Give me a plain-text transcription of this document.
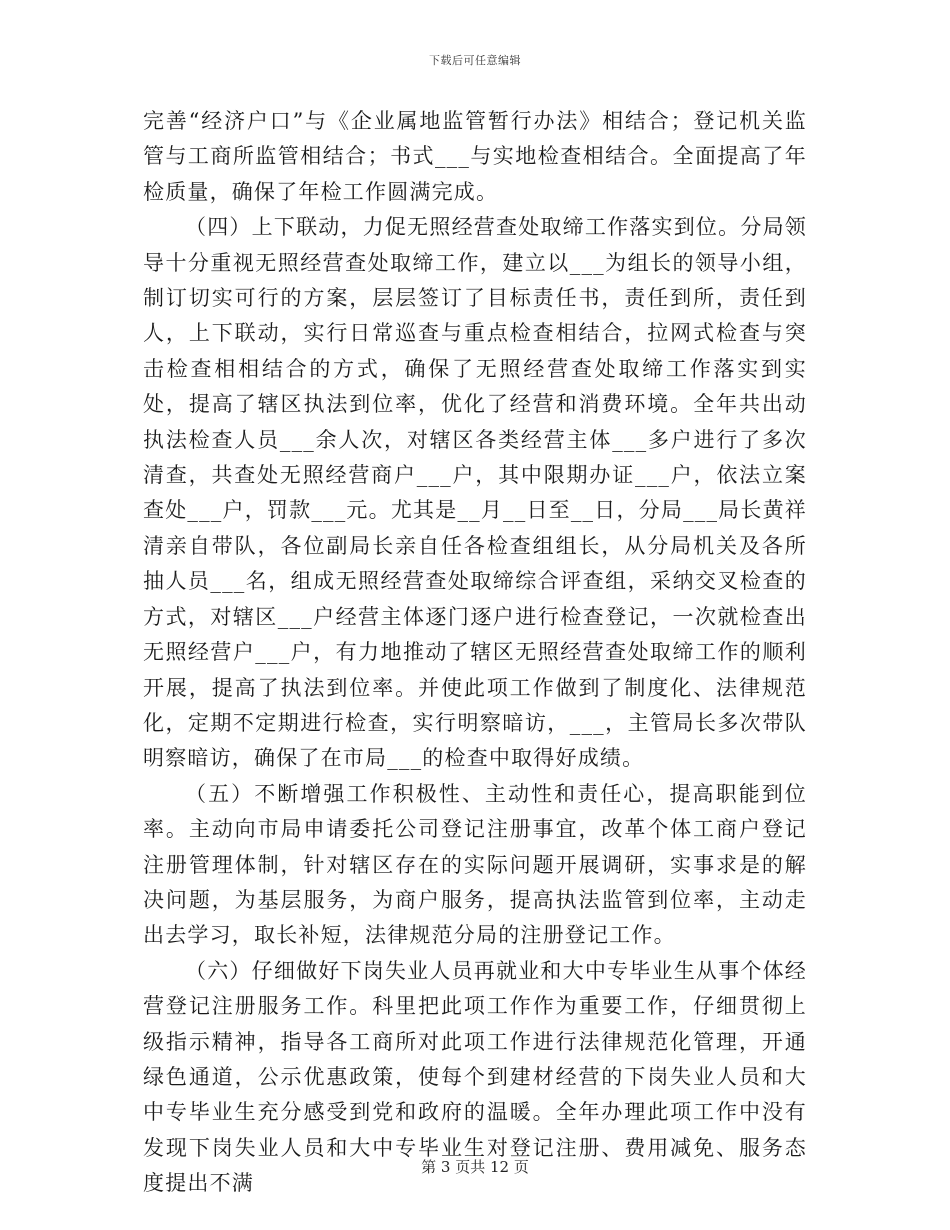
下载后可任意编辑

完善“经济户口”与《企业属地监管暂行办法》相结合；登记机关监管与工商所监管相结合；书式___与实地检查相结合。全面提高了年检质量，确保了年检工作圆满完成。

（四）上下联动，力促无照经营查处取缔工作落实到位。分局领导十分重视无照经营查处取缔工作，建立以___为组长的领导小组，制订切实可行的方案，层层签订了目标责任书，责任到所，责任到人，上下联动，实行日常巡查与重点检查相结合，拉网式检查与突击检查相相结合的方式，确保了无照经营查处取缔工作落实到实处，提高了辖区执法到位率，优化了经营和消费环境。全年共出动执法检查人员___余人次，对辖区各类经营主体___多户进行了多次清查，共查处无照经营商户___户，其中限期办证___户，依法立案查处___户，罚款___元。尤其是__月__日至__日，分局___局长黄祥清亲自带队，各位副局长亲自任各检查组组长，从分局机关及各所抽人员___名，组成无照经营查处取缔综合评查组，采纳交叉检查的方式，对辖区___户经营主体逐门逐户进行检查登记，一次就检查出无照经营户___户，有力地推动了辖区无照经营查处取缔工作的顺利开展，提高了执法到位率。并使此项工作做到了制度化、法律规范化，定期不定期进行检查，实行明察暗访，___，主管局长多次带队明察暗访，确保了在市局___的检查中取得好成绩。

（五）不断增强工作积极性、主动性和责任心，提高职能到位率。主动向市局申请委托公司登记注册事宜，改革个体工商户登记注册管理体制，针对辖区存在的实际问题开展调研，实事求是的解决问题，为基层服务，为商户服务，提高执法监管到位率，主动走出去学习，取长补短，法律规范分局的注册登记工作。

（六）仔细做好下岗失业人员再就业和大中专毕业生从事个体经营登记注册服务工作。科里把此项工作作为重要工作，仔细贯彻上级指示精神，指导各工商所对此项工作进行法律规范化管理，开通绿色通道，公示优惠政策，使每个到建材经营的下岗失业人员和大中专毕业生充分感受到党和政府的温暖。全年办理此项工作中没有发现下岗失业人员和大中专毕业生对登记注册、费用减免、服务态度提出不满

第 3 页共 12 页
